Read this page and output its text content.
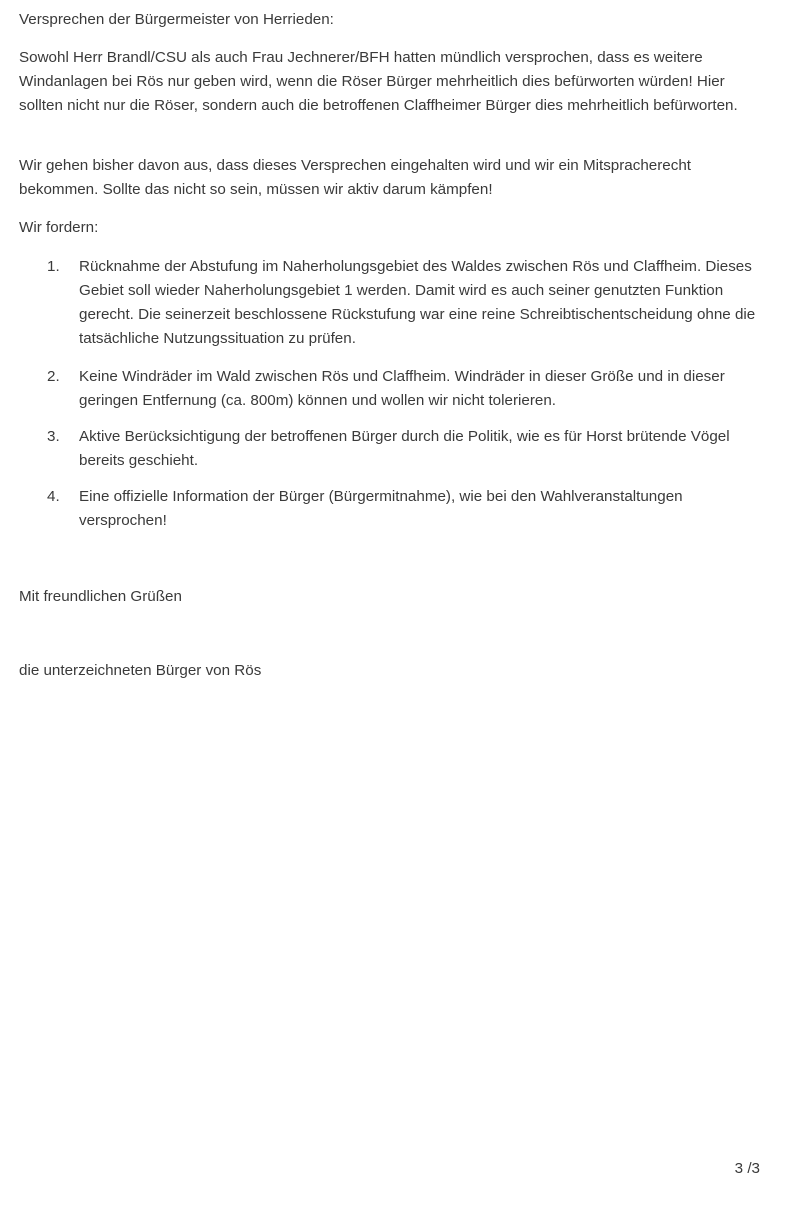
Versprechen der Bürgermeister von Herrieden:

Sowohl Herr Brandl/CSU als auch Frau Jechnerer/BFH hatten mündlich versprochen, dass es weitere Windanlagen bei Rös nur geben wird, wenn die Röser Bürger mehrheitlich dies befürworten würden! Hier sollten nicht nur die Röser, sondern auch die betroffenen Claffheimer Bürger dies mehrheitlich befürworten.

Wir gehen bisher davon aus, dass dieses Versprechen eingehalten wird und wir ein Mitspracherecht bekommen. Sollte das nicht so sein, müssen wir aktiv darum kämpfen!

Wir fordern:

1. Rücknahme der Abstufung im Naherholungsgebiet des Waldes zwischen Rös und Claffheim. Dieses Gebiet soll wieder Naherholungsgebiet 1 werden. Damit wird es auch seiner genutzten Funktion gerecht. Die seinerzeit beschlossene Rückstufung war eine reine Schreibtischentscheidung ohne die tatsächliche Nutzungssituation zu prüfen.
2. Keine Windräder im Wald zwischen Rös und Claffheim. Windräder in dieser Größe und in dieser geringen Entfernung (ca. 800m) können und wollen wir nicht tolerieren.
3. Aktive Berücksichtigung der betroffenen Bürger durch die Politik, wie es für Horst brütende Vögel bereits geschieht.
4. Eine offizielle Information der Bürger (Bürgermitnahme), wie bei den Wahlveranstaltungen versprochen!

Mit freundlichen Grüßen

die unterzeichneten Bürger von Rös

3 /3
